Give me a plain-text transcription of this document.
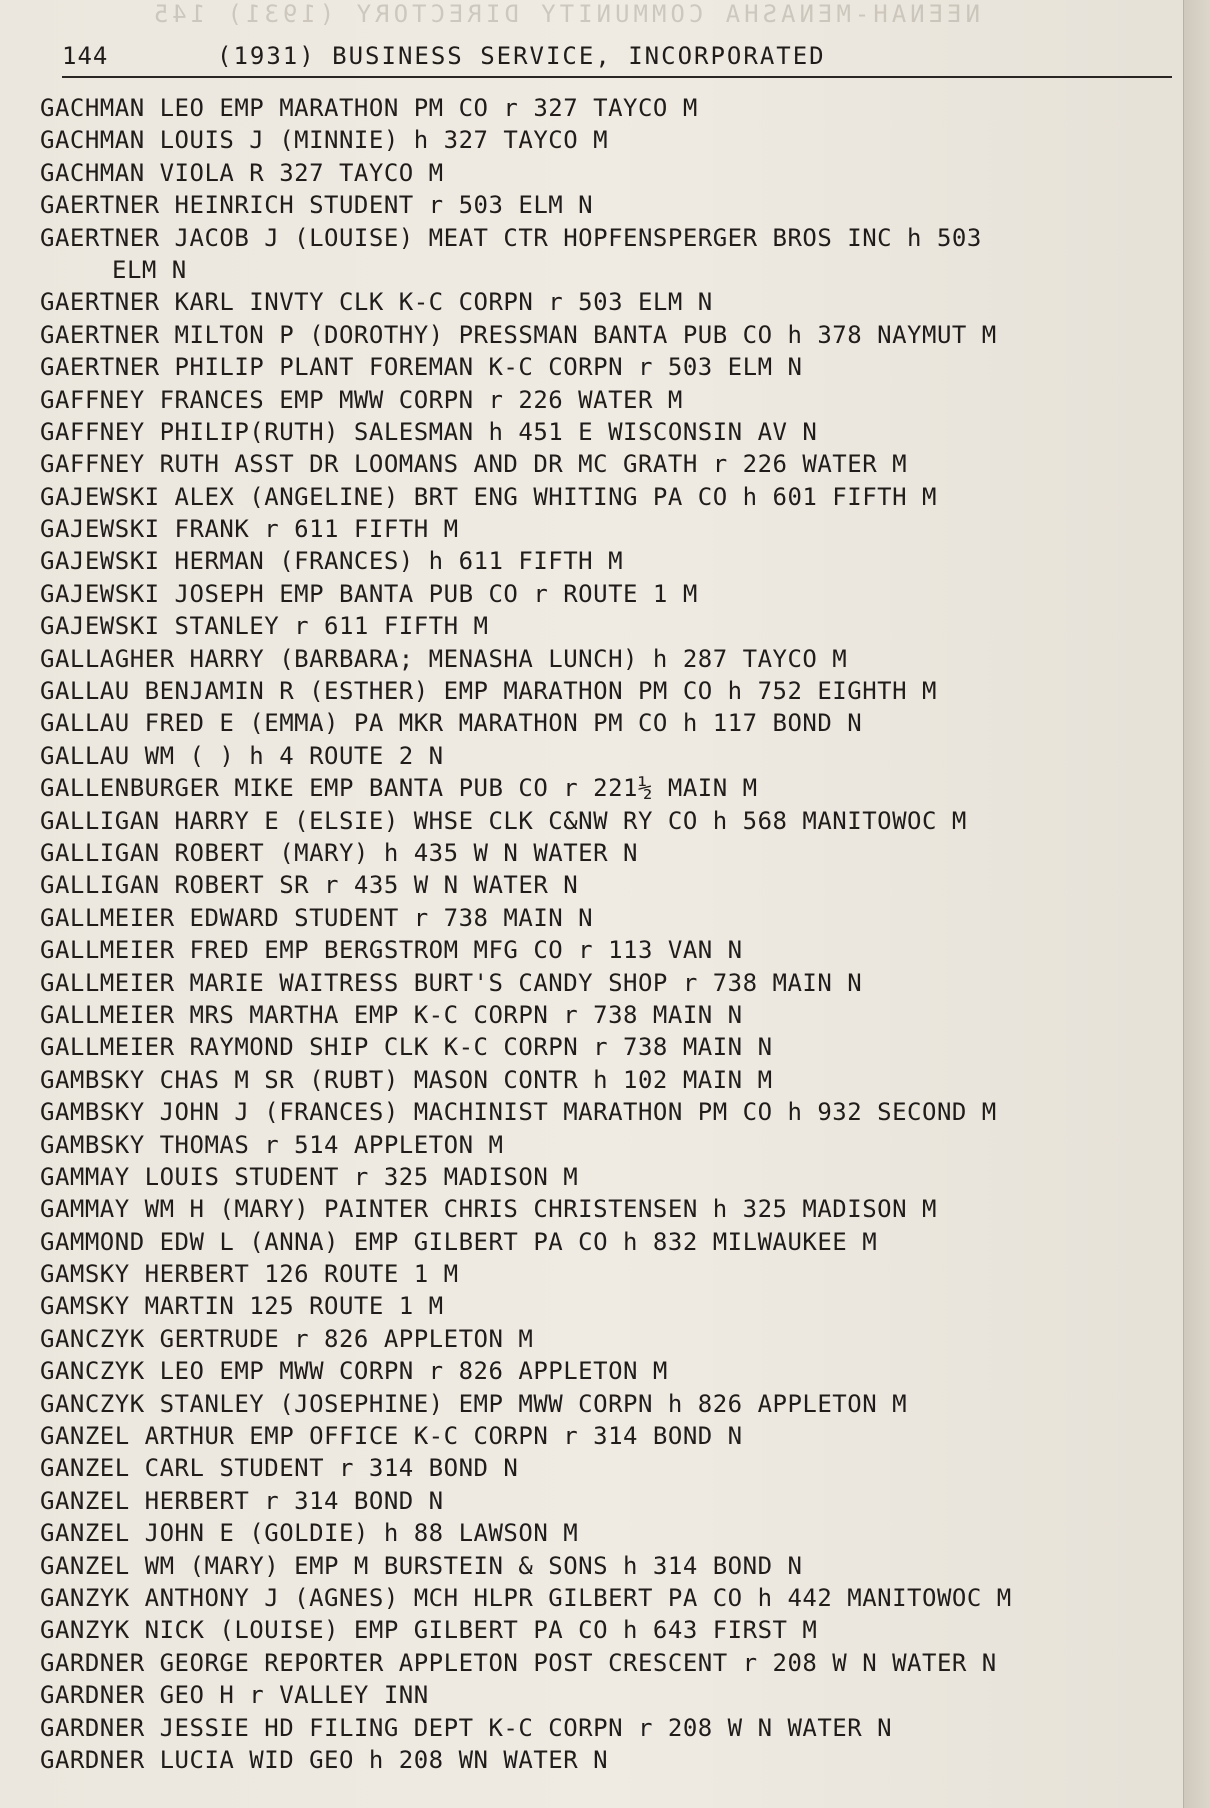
NEENAH-MENASHA COMMUNITY DIRECTORY (1931) 145
144	(1931) BUSINESS SERVICE, INCORPORATED
GACHMAN LEO EMP MARATHON PM CO r 327 TAYCO M
GACHMAN LOUIS J (MINNIE) h 327 TAYCO M
GACHMAN VIOLA R 327 TAYCO M
GAERTNER HEINRICH STUDENT r 503 ELM N
GAERTNER JACOB J (LOUISE) MEAT CTR HOPFENSPERGER BROS INC h 503
ELM N
GAERTNER KARL INVTY CLK K-C CORPN r 503 ELM N
GAERTNER MILTON P (DOROTHY) PRESSMAN BANTA PUB CO h 378 NAYMUT M
GAERTNER PHILIP PLANT FOREMAN K-C CORPN r 503 ELM N
GAFFNEY FRANCES EMP MWW CORPN r 226 WATER M
GAFFNEY PHILIP(RUTH) SALESMAN h 451 E WISCONSIN AV N
GAFFNEY RUTH ASST DR LOOMANS AND DR MC GRATH r 226 WATER M
GAJEWSKI ALEX (ANGELINE) BRT ENG WHITING PA CO h 601 FIFTH M
GAJEWSKI FRANK r 611 FIFTH M
GAJEWSKI HERMAN (FRANCES) h 611 FIFTH M
GAJEWSKI JOSEPH EMP BANTA PUB CO r ROUTE 1 M
GAJEWSKI STANLEY r 611 FIFTH M
GALLAGHER HARRY (BARBARA; MENASHA LUNCH) h 287 TAYCO M
GALLAU BENJAMIN R (ESTHER) EMP MARATHON PM CO h 752 EIGHTH M
GALLAU FRED E (EMMA) PA MKR MARATHON PM CO h 117 BOND N
GALLAU WM ( ) h 4 ROUTE 2 N
GALLENBURGER MIKE EMP BANTA PUB CO r 221½ MAIN M
GALLIGAN HARRY E (ELSIE) WHSE CLK C&NW RY CO h 568 MANITOWOC M
GALLIGAN ROBERT (MARY) h 435 W N WATER N
GALLIGAN ROBERT SR r 435 W N WATER N
GALLMEIER EDWARD STUDENT r 738 MAIN N
GALLMEIER FRED EMP BERGSTROM MFG CO r 113 VAN N
GALLMEIER MARIE WAITRESS BURT'S CANDY SHOP r 738 MAIN N
GALLMEIER MRS MARTHA EMP K-C CORPN r 738 MAIN N
GALLMEIER RAYMOND SHIP CLK K-C CORPN r 738 MAIN N
GAMBSKY CHAS M SR (RUBT) MASON CONTR h 102 MAIN M
GAMBSKY JOHN J (FRANCES) MACHINIST MARATHON PM CO h 932 SECOND M
GAMBSKY THOMAS r 514 APPLETON M
GAMMAY LOUIS STUDENT r 325 MADISON M
GAMMAY WM H (MARY) PAINTER CHRIS CHRISTENSEN h 325 MADISON M
GAMMOND EDW L (ANNA) EMP GILBERT PA CO h 832 MILWAUKEE M
GAMSKY HERBERT 126 ROUTE 1 M
GAMSKY MARTIN 125 ROUTE 1 M
GANCZYK GERTRUDE r 826 APPLETON M
GANCZYK LEO EMP MWW CORPN r 826 APPLETON M
GANCZYK STANLEY (JOSEPHINE) EMP MWW CORPN h 826 APPLETON M
GANZEL ARTHUR EMP OFFICE K-C CORPN r 314 BOND N
GANZEL CARL STUDENT r 314 BOND N
GANZEL HERBERT r 314 BOND N
GANZEL JOHN E (GOLDIE) h 88 LAWSON M
GANZEL WM (MARY) EMP M BURSTEIN & SONS h 314 BOND N
GANZYK ANTHONY J (AGNES) MCH HLPR GILBERT PA CO h 442 MANITOWOC M
GANZYK NICK (LOUISE) EMP GILBERT PA CO h 643 FIRST M
GARDNER GEORGE REPORTER APPLETON POST CRESCENT r 208 W N WATER N
GARDNER GEO H r VALLEY INN
GARDNER JESSIE HD FILING DEPT K-C CORPN r 208 W N WATER N
GARDNER LUCIA WID GEO h 208 WN WATER N
